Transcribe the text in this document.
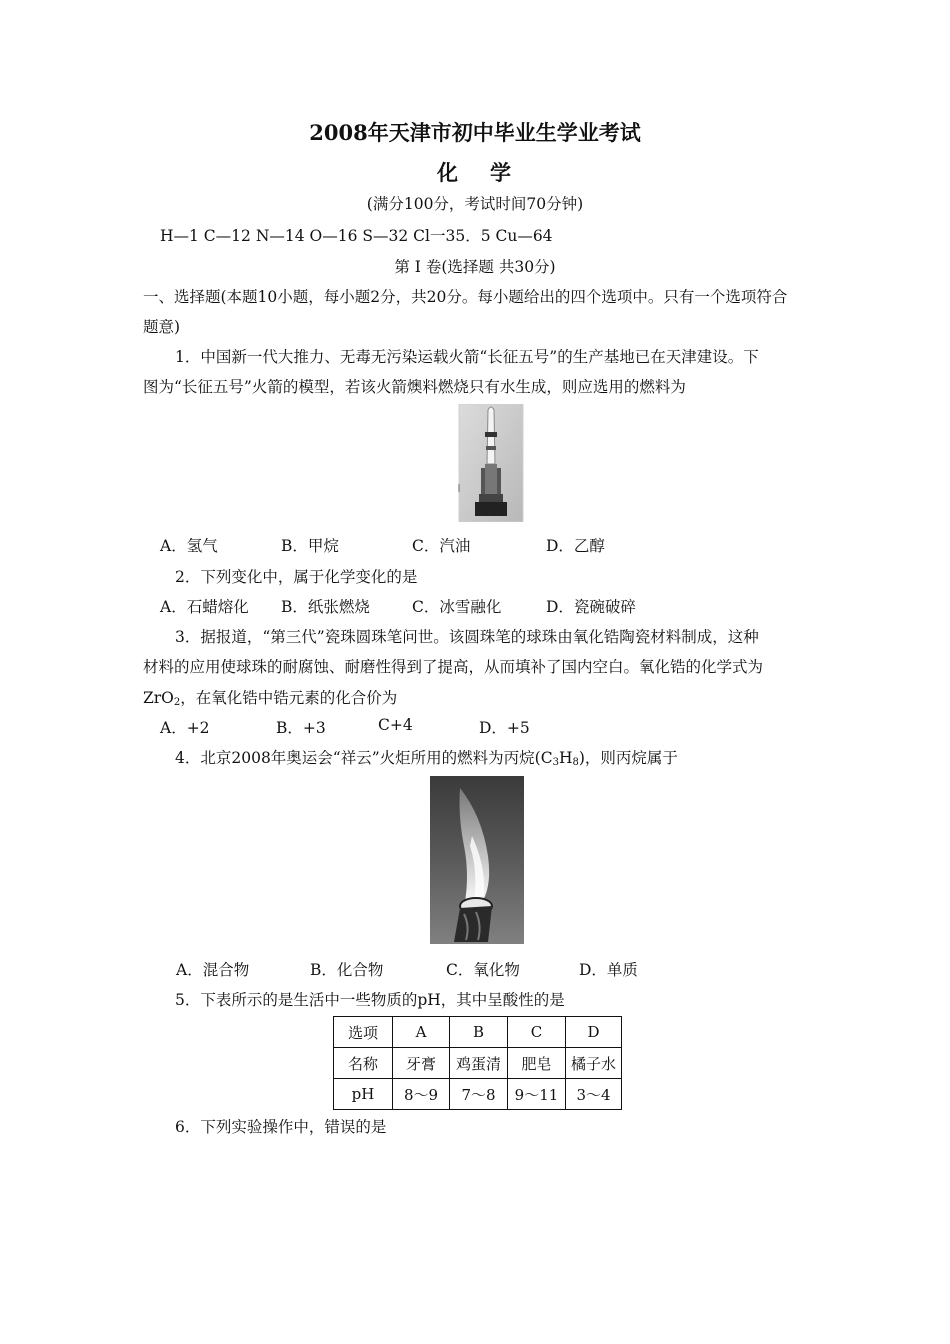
2008年天津市初中毕业生学业考试
化 学
(满分100分，考试时间70分钟)
H—1 C—12 N—14 O—16 S—32 Cl一35．5 Cu—64
第 Ⅰ 卷(选择题 共30分)
一、选择题(本题10小题，每小题2分，共20分。每小题给出的四个选项中。只有一个选项符合
题意)
1．中国新一代大推力、无毒无污染运载火箭“长征五号”的生产基地已在天津建设。下
图为“长征五号”火箭的模型，若该火箭燠料燃烧只有水生成，则应选用的燃料为
A．氢气	B．甲烷	C．汽油	D．乙醇
2．下列变化中，属于化学变化的是
A．石蜡熔化 B．纸张燃烧	C．冰雪融化	D．瓷碗破碎
3．据报道，“第三代”瓷珠圆珠笔问世。该圆珠笔的球珠由氧化锆陶瓷材料制成，这种
材料的应用使球珠的耐腐蚀、耐磨性得到了提高，从而填补了国内空白。氧化锆的化学式为
ZrO$_2$，在氧化锆中锆元素的化合价为
A．+2	B．+3	C+4	D．+5
4．北京2008年奥运会“祥云”火炬所用的燃料为丙烷$(C_3H_8)$，则丙烷属于
A．混合物	B．化合物	C．氧化物	D．单质
5．下表所示的是生活中一些物质的pH，其中呈酸性的是
选项	A	B	C	D
名称	牙膏	鸡蛋清	肥皂	橘子水
pH	8～9	7～8	9～11	3～4
6．下列实验操作中，错误的是
